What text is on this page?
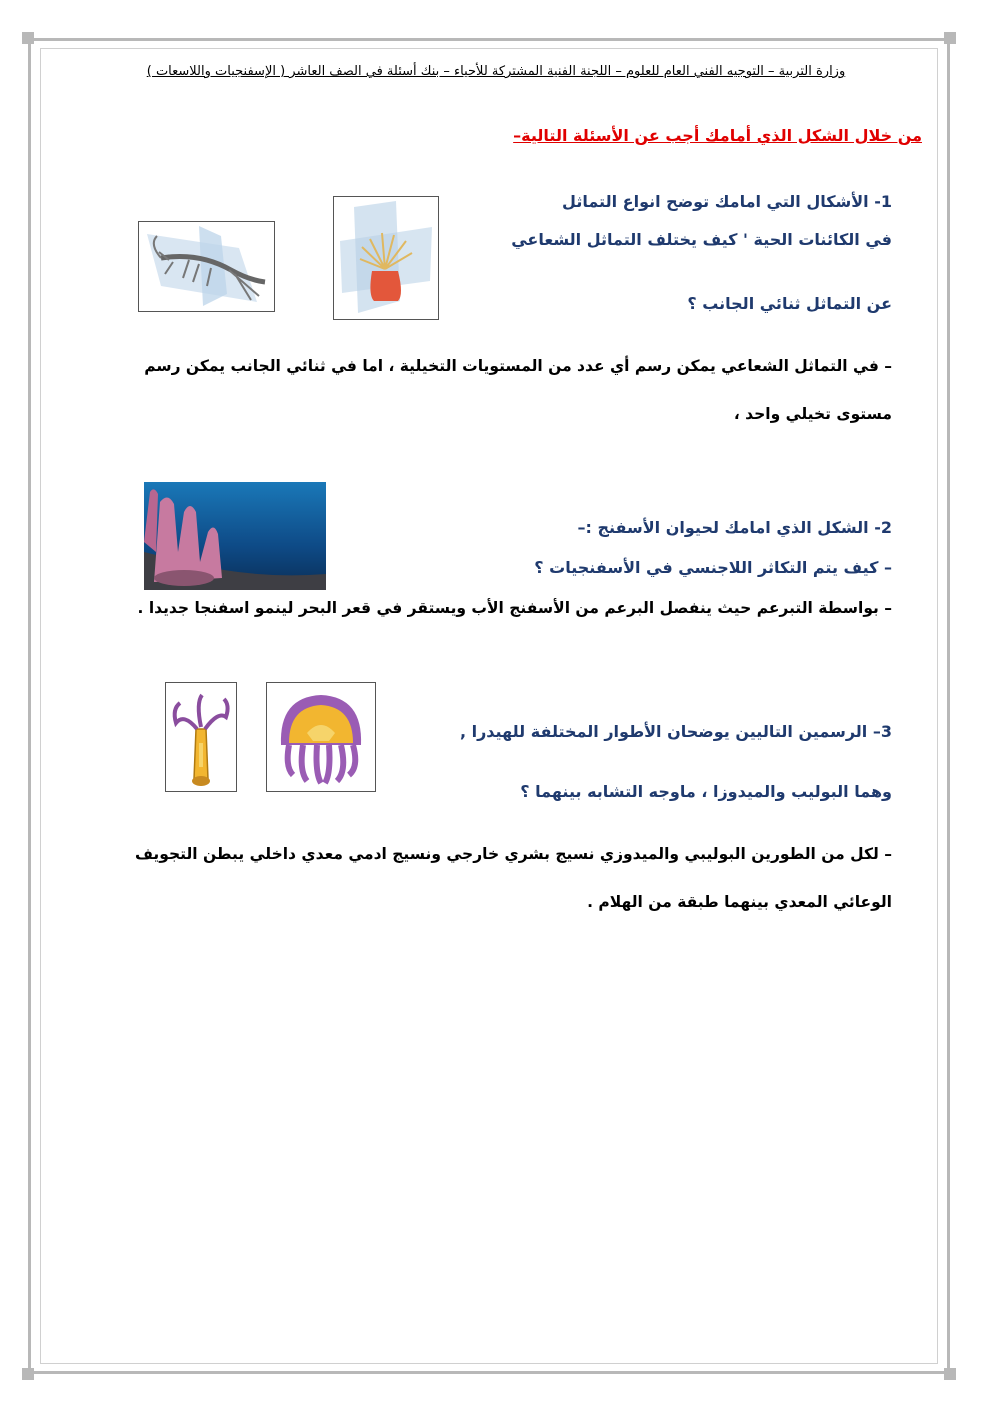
وزارة التربية – التوجيه الفني العام للعلوم – اللجنة الفنية المشتركة للأحياء – بنك أسئلة في الصف العاشر ( الإسفنجيات واللاسعات )
من خلال الشكل الذي أمامك أجب عن الأسئلة التالية–
1- الأشكال التي امامك توضح انواع التماثل
في الكائنات الحية ' كيف يختلف التماثل الشعاعي
عن التماثل ثنائي الجانب ؟
– في التماثل الشعاعي يمكن رسم أي عدد من المستويات التخيلية ، اما في ثنائي الجانب يمكن رسم مستوى تخيلي واحد ،
2- الشكل الذي امامك لحيوان الأسفنج :–
– كيف يتم التكاثر اللاجنسي في الأسفنجيات ؟
– بواسطة التبرعم حيث ينفصل البرعم من الأسفنج الأب ويستقر في قعر البحر لينمو اسفنجا جديدا .
3– الرسمين التاليين يوضحان الأطوار المختلفة للهيدرا ,
وهما البوليب والميدوزا ، ماوجه التشابه بينهما ؟
– لكل من الطورين البوليبي والميدوزي نسيج بشري خارجي ونسيج ادمي معدي داخلي يبطن التجويف الوعائي المعدي بينهما طبقة من الهلام .
